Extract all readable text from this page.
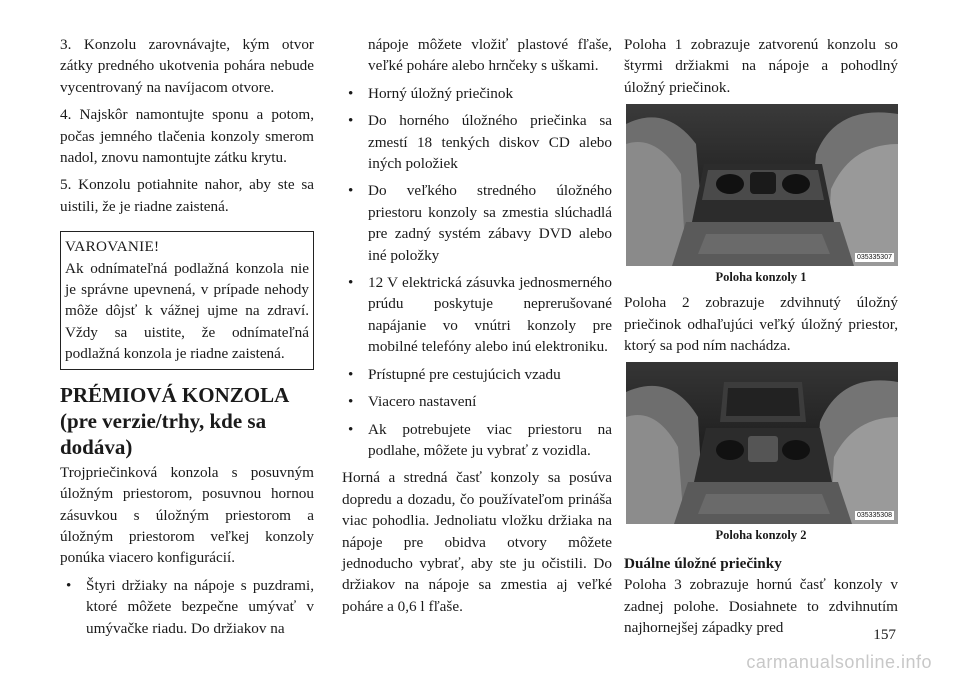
3. Konzolu zarovnávajte, kým otvor zátky predného ukotvenia pohára nebude vycentrovaný na navíjacom otvore.

4. Najskôr namontujte sponu a potom, počas jemného tlačenia konzoly smerom nadol, znovu namontujte zátku krytu.

5. Konzolu potiahnite nahor, aby ste sa uistili, že je riadne zaistená.

VAROVANIE!

Ak odnímateľná podlažná konzola nie je správne upevnená, v prípade nehody môže dôjsť k vážnej ujme na zdraví. Vždy sa uistite, že odnímateľná podlažná konzola je riadne zaistená.

PRÉMIOVÁ KONZOLA (pre verzie/trhy, kde sa dodáva)

Trojpriečinková konzola s posuvným úložným priestorom, posuvnou hornou zásuvkou s úložným priestorom a úložným priestorom veľkej konzoly ponúka viacero konfigurácií.

• Štyri držiaky na nápoje s puzdrami, ktoré môžete bezpečne umývať v umývačke riadu. Do držiakov na

nápoje môžete vložiť plastové fľaše, veľké poháre alebo hrnčeky s uškami.

• Horný úložný priečinok
• Do horného úložného priečinka sa zmestí 18 tenkých diskov CD alebo iných položiek
• Do veľkého stredného úložného priestoru konzoly sa zmestia slúchadlá pre zadný systém zábavy DVD alebo iné položky
• 12 V elektrická zásuvka jednosmerného prúdu poskytuje neprerušované napájanie vo vnútri konzoly pre mobilné telefóny alebo inú elektroniku.
• Prístupné pre cestujúcich vzadu
• Viacero nastavení
• Ak potrebujete viac priestoru na podlahe, môžete ju vybrať z vozidla.

Horná a stredná časť konzoly sa posúva dopredu a dozadu, čo používateľom prináša viac pohodlia. Jednoliatu vložku držiaka na nápoje pre obidva otvory môžete jednoducho vybrať, aby ste ju očistili. Do držiakov na nápoje sa zmestia aj veľké poháre a 0,6 l fľaše.

Poloha 1 zobrazuje zatvorenú konzolu so štyrmi držiakmi na nápoje a pohodlný úložný priečinok.

035335307
Poloha konzoly 1

Poloha 2 zobrazuje zdvihnutý úložný priečinok odhaľujúci veľký úložný priestor, ktorý sa pod ním nachádza.

035335308
Poloha konzoly 2
Duálne úložné priečinky

Poloha 3 zobrazuje hornú časť konzoly v zadnej polohe. Dosiahnete to zdvihnutím najhornejšej západky pred	157
carmanualsonline.info
